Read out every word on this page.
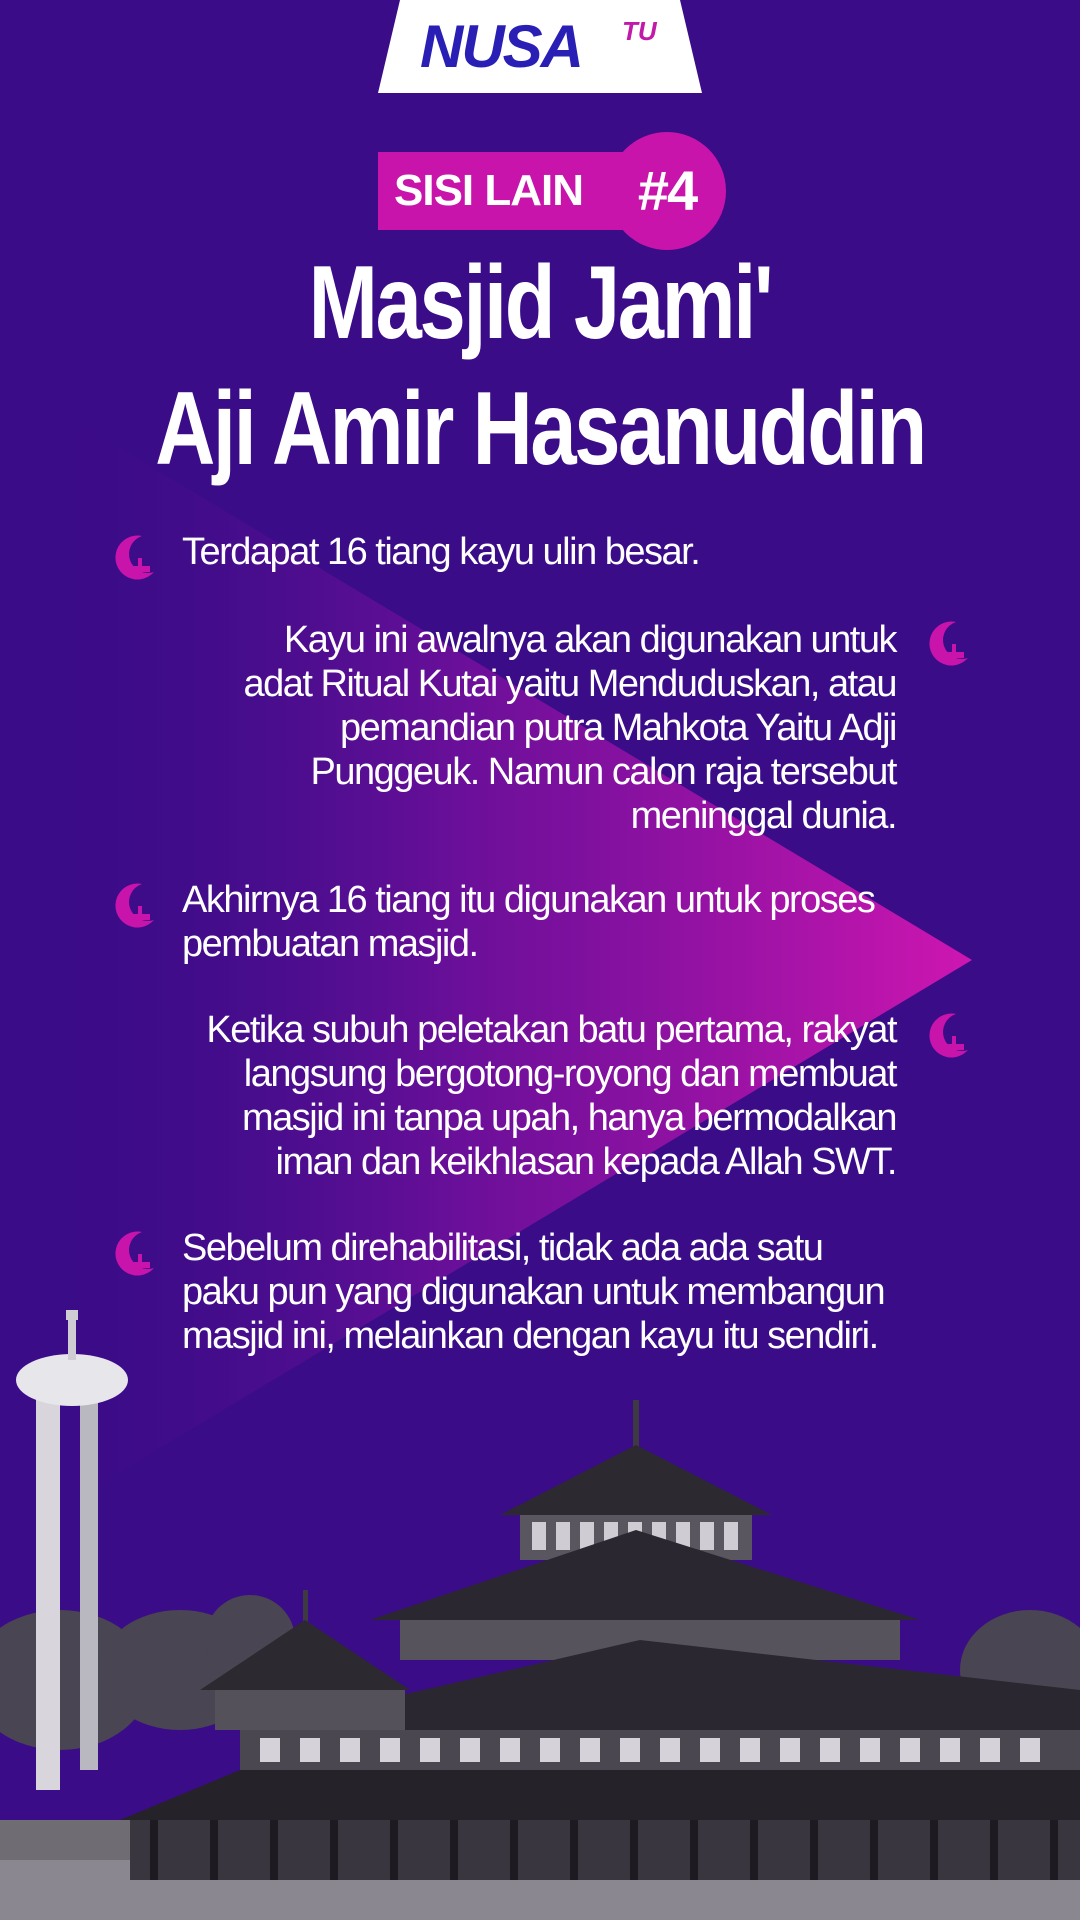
NUSA	TU
SISI LAIN #4
Masjid Jami'
Aji Amir Hasanuddin
Terdapat 16 tiang kayu ulin besar.
Kayu ini awalnya akan digunakan untuk adat Ritual Kutai yaitu Menduduskan, atau pemandian putra Mahkota Yaitu Adji Punggeuk. Namun calon raja tersebut meninggal dunia.
Akhirnya 16 tiang itu digunakan untuk proses pembuatan masjid.
Ketika subuh peletakan batu pertama, rakyat langsung bergotong-royong dan membuat masjid ini tanpa upah, hanya bermodalkan iman dan keikhlasan kepada Allah SWT.
Sebelum direhabilitasi, tidak ada ada satu paku pun yang digunakan untuk membangun masjid ini, melainkan dengan kayu itu sendiri.
